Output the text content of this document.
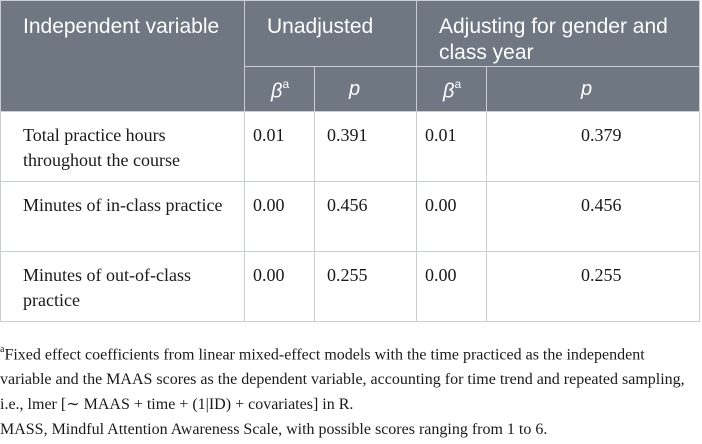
Independent variable	Unadjusted		Adjusting for gender and class year	
	$\beta^a$	p	$\beta^a$	p
Total practice hours throughout the course	0.01	0.391	0.01	0.379
Minutes of in-class practice	0.00	0.456	0.00	0.456
Minutes of out-of-class practice	0.00	0.255	0.00	0.255

$^a$Fixed effect coefficients from linear mixed-effect models with the time practiced as the independent variable and the MAAS scores as the dependent variable, accounting for time trend and repeated sampling, i.e., lmer [∼ MAAS + time + (1|ID) + covariates] in R.

MASS, Mindful Attention Awareness Scale, with possible scores ranging from 1 to 6.
